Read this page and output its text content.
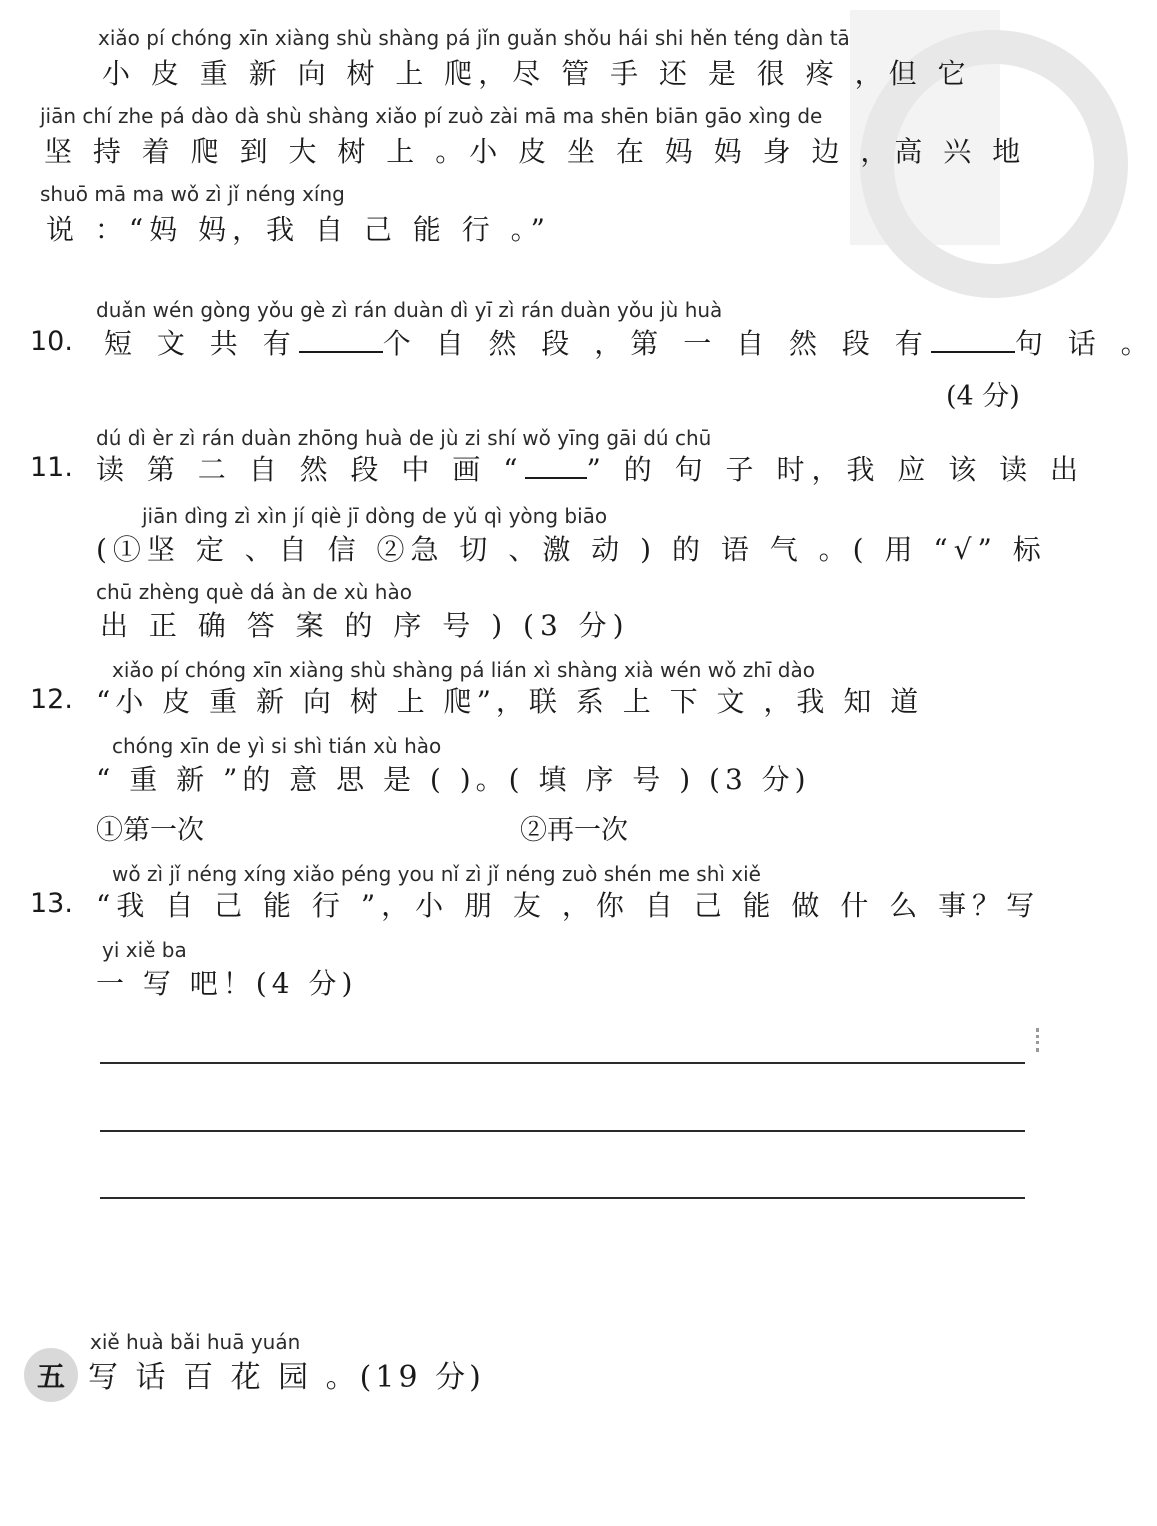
xiǎo pí chóng xīn xiàng shù shàng pá jǐn guǎn shǒu hái shi hěn téng dàn tā
小 皮 重 新 向 树 上 爬，尽 管 手 还 是 很 疼 ，但 它
jiān chí zhe pá dào dà shù shàng xiǎo pí zuò zài mā ma shēn biān gāo xìng de
坚 持 着 爬 到 大 树 上 。小 皮 坐 在 妈 妈 身 边 ，高 兴 地
shuō mā ma wǒ zì jǐ néng xíng
说 ：“妈 妈，我 自 己 能 行 。”
duǎn wén gòng yǒu gè zì rán duàn dì yī zì rán duàn yǒu jù huà
10. 短 文 共 有	个 自 然 段 ，第 一 自 然 段 有	句 话 。
(4 分)
dú dì èr zì rán duàn zhōng huà de jù zi shí wǒ yīng gāi dú chū
11. 读 第 二 自 然 段 中 画 “ ” 的 句 子 时，我 应 该 读 出
jiān dìng zì xìn jí qiè jī dòng de yǔ qì yòng biāo
(①坚 定 、自 信 ②急 切 、激 动 ) 的 语 气 。( 用 “√” 标
chū zhèng què dá àn de xù hào
出 正 确 答 案 的 序 号 ) (3 分)
xiǎo pí chóng xīn xiàng shù shàng pá lián xì shàng xià wén wǒ zhī dào
12. “小 皮 重 新 向 树 上 爬”，联 系 上 下 文 ，我 知 道
chóng xīn de yì si shì tián xù hào
“ 重 新 ”的 意 思 是 ( )。( 填 序 号 ) (3 分)
①第一次	②再一次
wǒ zì jǐ néng xíng xiǎo péng you nǐ zì jǐ néng zuò shén me shì xiě
13. “我 自 己 能 行 ”，小 朋 友 ，你 自 己 能 做 什 么 事？写
yi xiě ba
一 写 吧！(4 分)
xiě huà bǎi huā yuán
五 写 话 百 花 园 。(19 分)
